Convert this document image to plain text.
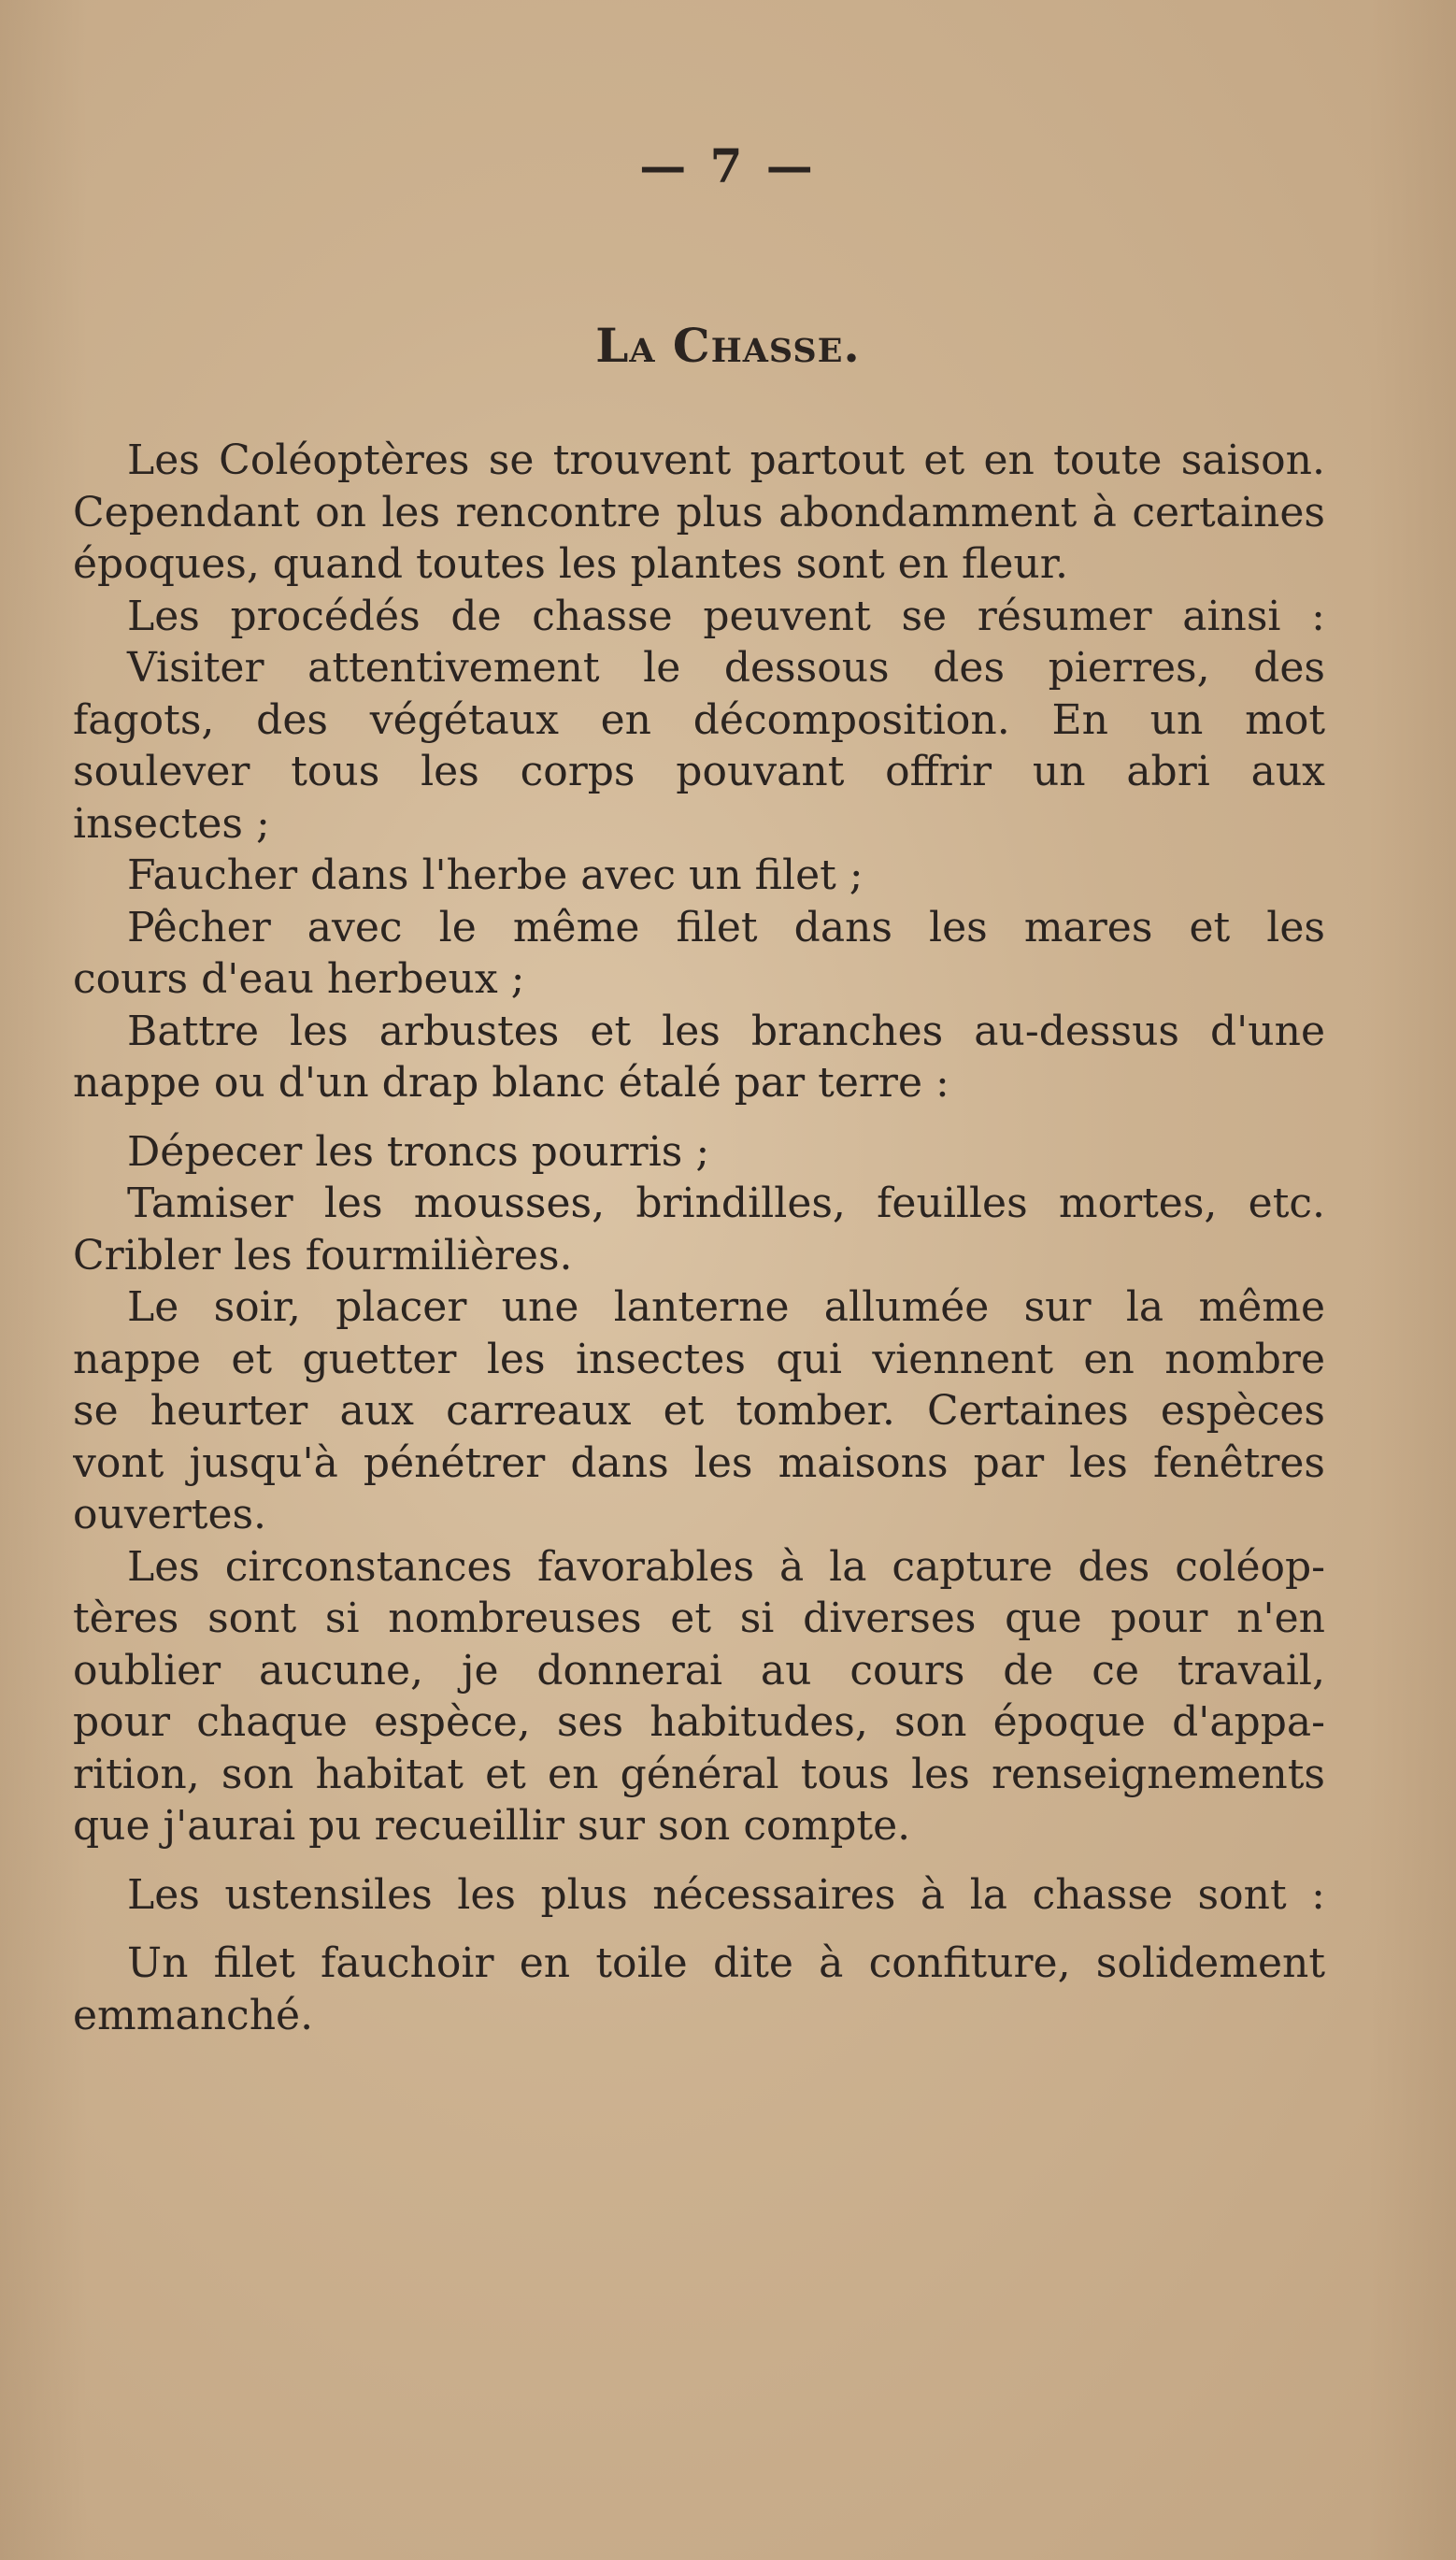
— 7 —
La Chasse.
Les Coléoptères se trouvent partout et en toute saison.
Cependant on les rencontre plus abondamment à certaines
époques, quand toutes les plantes sont en fleur.
Les procédés de chasse peuvent se résumer ainsi :
Visiter attentivement le dessous des pierres, des
fagots, des végétaux en décomposition. En un mot
soulever tous les corps pouvant offrir un abri aux
insectes ;
Faucher dans l'herbe avec un filet ;
Pêcher avec le même filet dans les mares et les
cours d'eau herbeux ;
Battre les arbustes et les branches au-dessus d'une
nappe ou d'un drap blanc étalé par terre :
Dépecer les troncs pourris ;
Tamiser les mousses, brindilles, feuilles mortes, etc.
Cribler les fourmilières.
Le soir, placer une lanterne allumée sur la même
nappe et guetter les insectes qui viennent en nombre
se heurter aux carreaux et tomber. Certaines espèces
vont jusqu'à pénétrer dans les maisons par les fenêtres
ouvertes.
Les circonstances favorables à la capture des coléop-
tères sont si nombreuses et si diverses que pour n'en
oublier aucune, je donnerai au cours de ce travail,
pour chaque espèce, ses habitudes, son époque d'appa-
rition, son habitat et en général tous les renseignements
que j'aurai pu recueillir sur son compte.
Les ustensiles les plus nécessaires à la chasse sont :
Un filet fauchoir en toile dite à confiture, solidement
emmanché.
